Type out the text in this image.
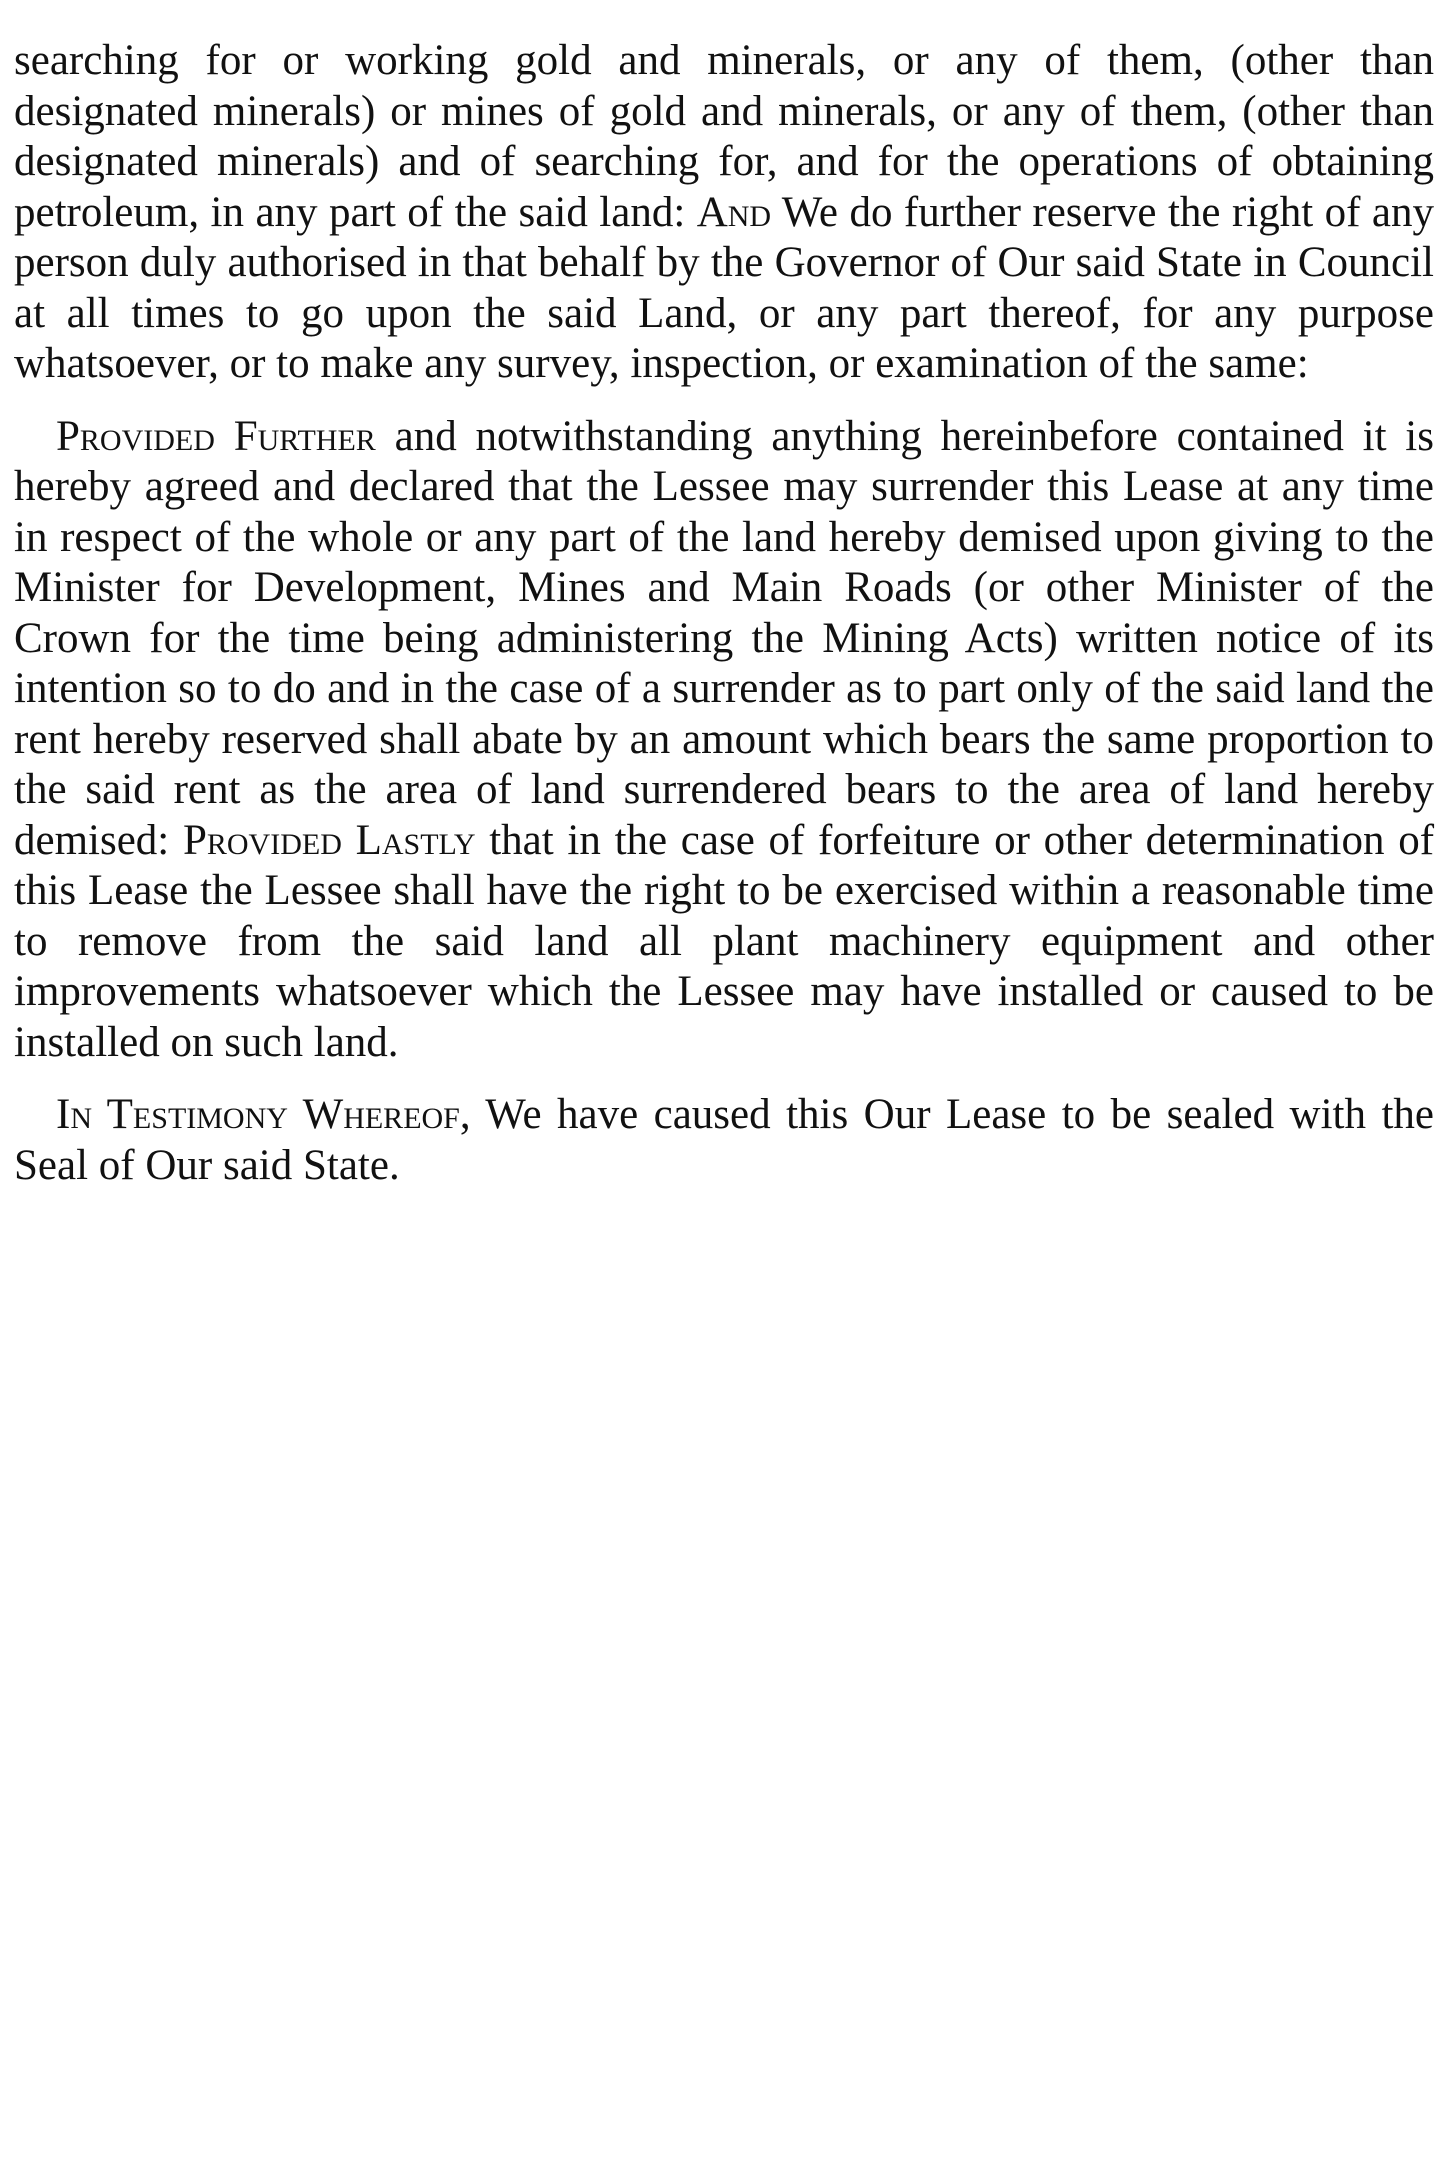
searching for or working gold and minerals, or any of them, (other than designated minerals) or mines of gold and minerals, or any of them, (other than designated minerals) and of searching for, and for the operations of obtaining petroleum, in any part of the said land: And We do further reserve the right of any person duly authorised in that behalf by the Governor of Our said State in Council at all times to go upon the said Land, or any part thereof, for any purpose whatsoever, or to make any survey, inspection, or examination of the same:

Provided Further and notwithstanding anything hereinbefore contained it is hereby agreed and declared that the Lessee may surrender this Lease at any time in respect of the whole or any part of the land hereby demised upon giving to the Minister for Development, Mines and Main Roads (or other Minister of the Crown for the time being administering the Mining Acts) written notice of its intention so to do and in the case of a surrender as to part only of the said land the rent hereby reserved shall abate by an amount which bears the same proportion to the said rent as the area of land surrendered bears to the area of land hereby demised: Provided Lastly that in the case of forfeiture or other determination of this Lease the Lessee shall have the right to be exercised within a reasonable time to remove from the said land all plant machinery equipment and other improvements whatsoever which the Lessee may have installed or caused to be installed on such land.

In Testimony Whereof, We have caused this Our Lease to be sealed with the Seal of Our said State.
